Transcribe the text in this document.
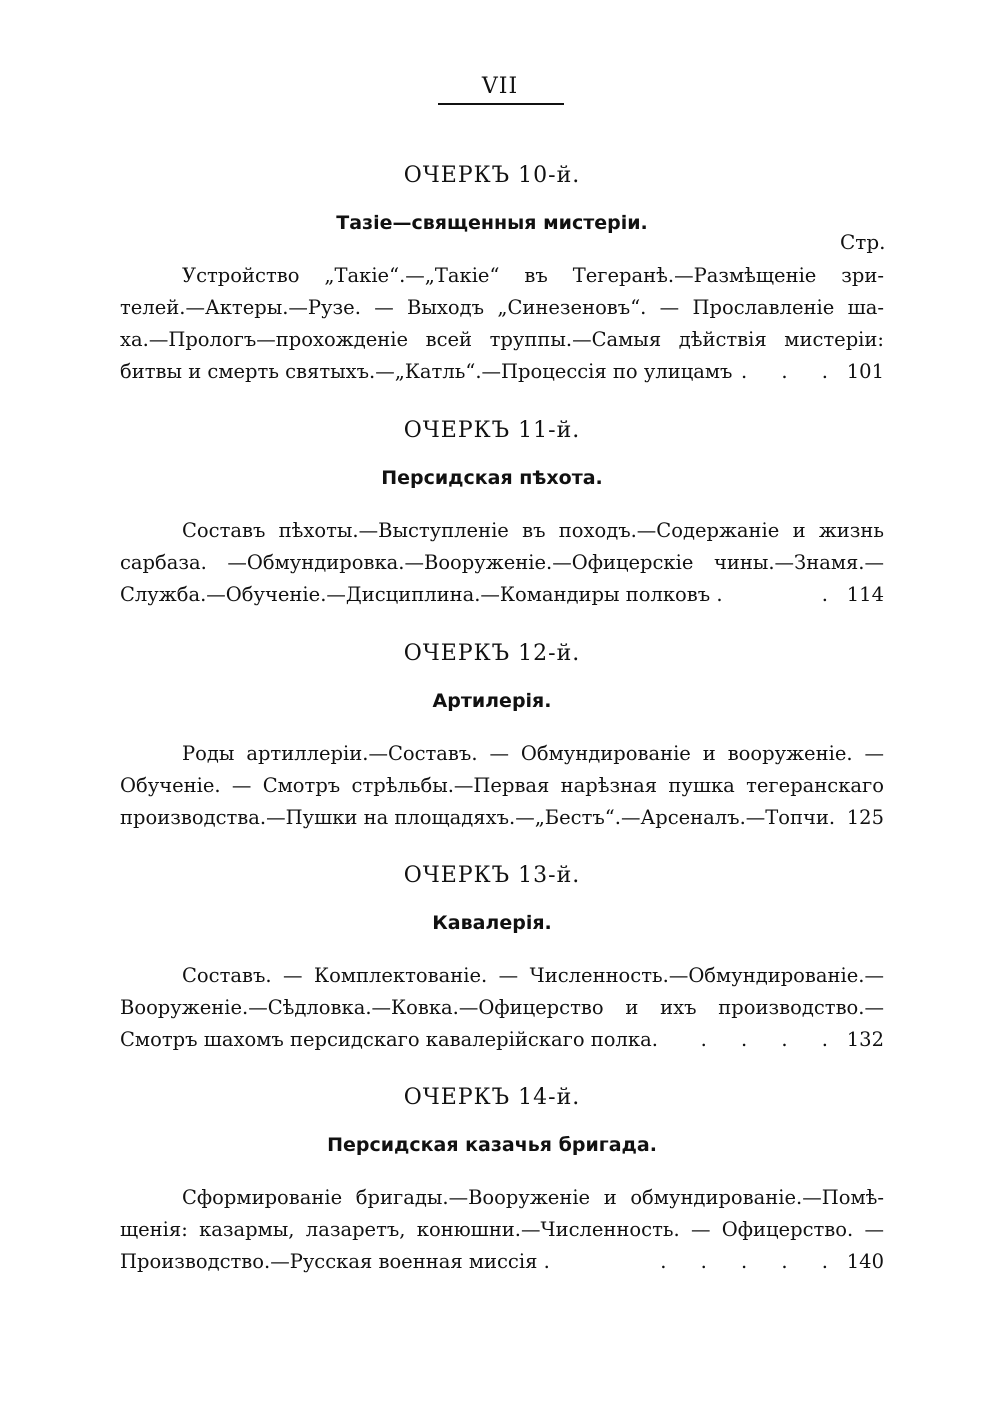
VII
Стр.
ОЧЕРКЪ 10-й.
Тазіе—священныя мистеріи.
Устройство „Такіе“.—„Такіе“ въ Тегеранѣ.—Размѣщеніе зри-
телей.—Актеры.—Рузе. — Выходъ „Синезеновъ“. — Прославленіе ша-
ха.—Прологъ—прохожденіе всей труппы.—Самыя дѣйствія мистеріи:
битвы и смерть святыхъ.—„Катль“.—Процессія по улицамъ . . . 101
ОЧЕРКЪ 11-й.
Персидская пѣхота.
Составъ пѣхоты.—Выступленіе въ походъ.—Содержаніе и жизнь
сарбаза. —Обмундировка.—Вооруженіе.—Офицерскіе чины.—Знамя.—
Служба.—Обученіе.—Дисциплина.—Командиры полковъ .	. 114
ОЧЕРКЪ 12-й.
Артилерія.
Роды артиллеріи.—Составъ. — Обмундированіе и вооруженіе. —
Обученіе. — Смотръ стрѣльбы.—Первая нарѣзная пушка тегеранскаго
производства.—Пушки на площадяхъ.—„Бестъ“.—Арсеналъ.—Топчи. 125
ОЧЕРКЪ 13-й.
Кавалерія.
Составъ. — Комплектованіе. — Численность.—Обмундированіе.—
Вооруженіе.—Сѣдловка.—Ковка.—Офицерство и ихъ производство.—
Смотръ шахомъ персидскаго кавалерійскаго полка.	. . . . 132
ОЧЕРКЪ 14-й.
Персидская казачья бригада.
Сформированіе бригады.—Вооруженіе и обмундированіе.—Помѣ-
щенія: казармы, лазаретъ, конюшни.—Численность. — Офицерство. —
Производство.—Русская военная миссія .	. . . . . 140
